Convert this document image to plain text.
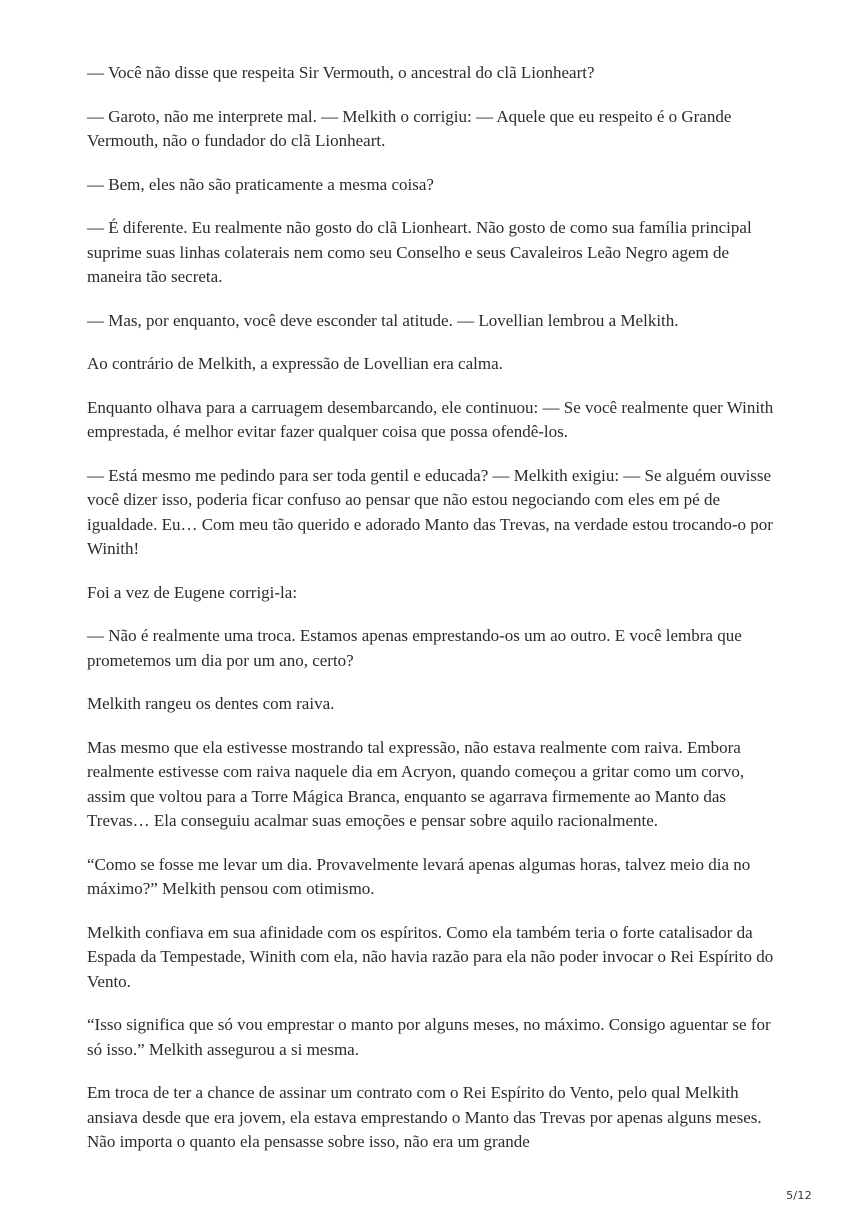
— Você não disse que respeita Sir Vermouth, o ancestral do clã Lionheart?

— Garoto, não me interprete mal. — Melkith o corrigiu: — Aquele que eu respeito é o Grande Vermouth, não o fundador do clã Lionheart.

— Bem, eles não são praticamente a mesma coisa?

— É diferente. Eu realmente não gosto do clã Lionheart. Não gosto de como sua família principal suprime suas linhas colaterais nem como seu Conselho e seus Cavaleiros Leão Negro agem de maneira tão secreta.

— Mas, por enquanto, você deve esconder tal atitude. — Lovellian lembrou a Melkith.

Ao contrário de Melkith, a expressão de Lovellian era calma.

Enquanto olhava para a carruagem desembarcando, ele continuou: — Se você realmente quer Winith emprestada, é melhor evitar fazer qualquer coisa que possa ofendê-los.

— Está mesmo me pedindo para ser toda gentil e educada? — Melkith exigiu: — Se alguém ouvisse você dizer isso, poderia ficar confuso ao pensar que não estou negociando com eles em pé de igualdade. Eu… Com meu tão querido e adorado Manto das Trevas, na verdade estou trocando-o por Winith!

Foi a vez de Eugene corrigi-la:

— Não é realmente uma troca. Estamos apenas emprestando-os um ao outro. E você lembra que prometemos um dia por um ano, certo?

Melkith rangeu os dentes com raiva.

Mas mesmo que ela estivesse mostrando tal expressão, não estava realmente com raiva. Embora realmente estivesse com raiva naquele dia em Acryon, quando começou a gritar como um corvo, assim que voltou para a Torre Mágica Branca, enquanto se agarrava firmemente ao Manto das Trevas… Ela conseguiu acalmar suas emoções e pensar sobre aquilo racionalmente.

“Como se fosse me levar um dia. Provavelmente levará apenas algumas horas, talvez meio dia no máximo?” Melkith pensou com otimismo.

Melkith confiava em sua afinidade com os espíritos. Como ela também teria o forte catalisador da Espada da Tempestade, Winith com ela, não havia razão para ela não poder invocar o Rei Espírito do Vento.

“Isso significa que só vou emprestar o manto por alguns meses, no máximo. Consigo aguentar se for só isso.” Melkith assegurou a si mesma.

Em troca de ter a chance de assinar um contrato com o Rei Espírito do Vento, pelo qual Melkith ansiava desde que era jovem, ela estava emprestando o Manto das Trevas por apenas alguns meses. Não importa o quanto ela pensasse sobre isso, não era um grande

5/12
